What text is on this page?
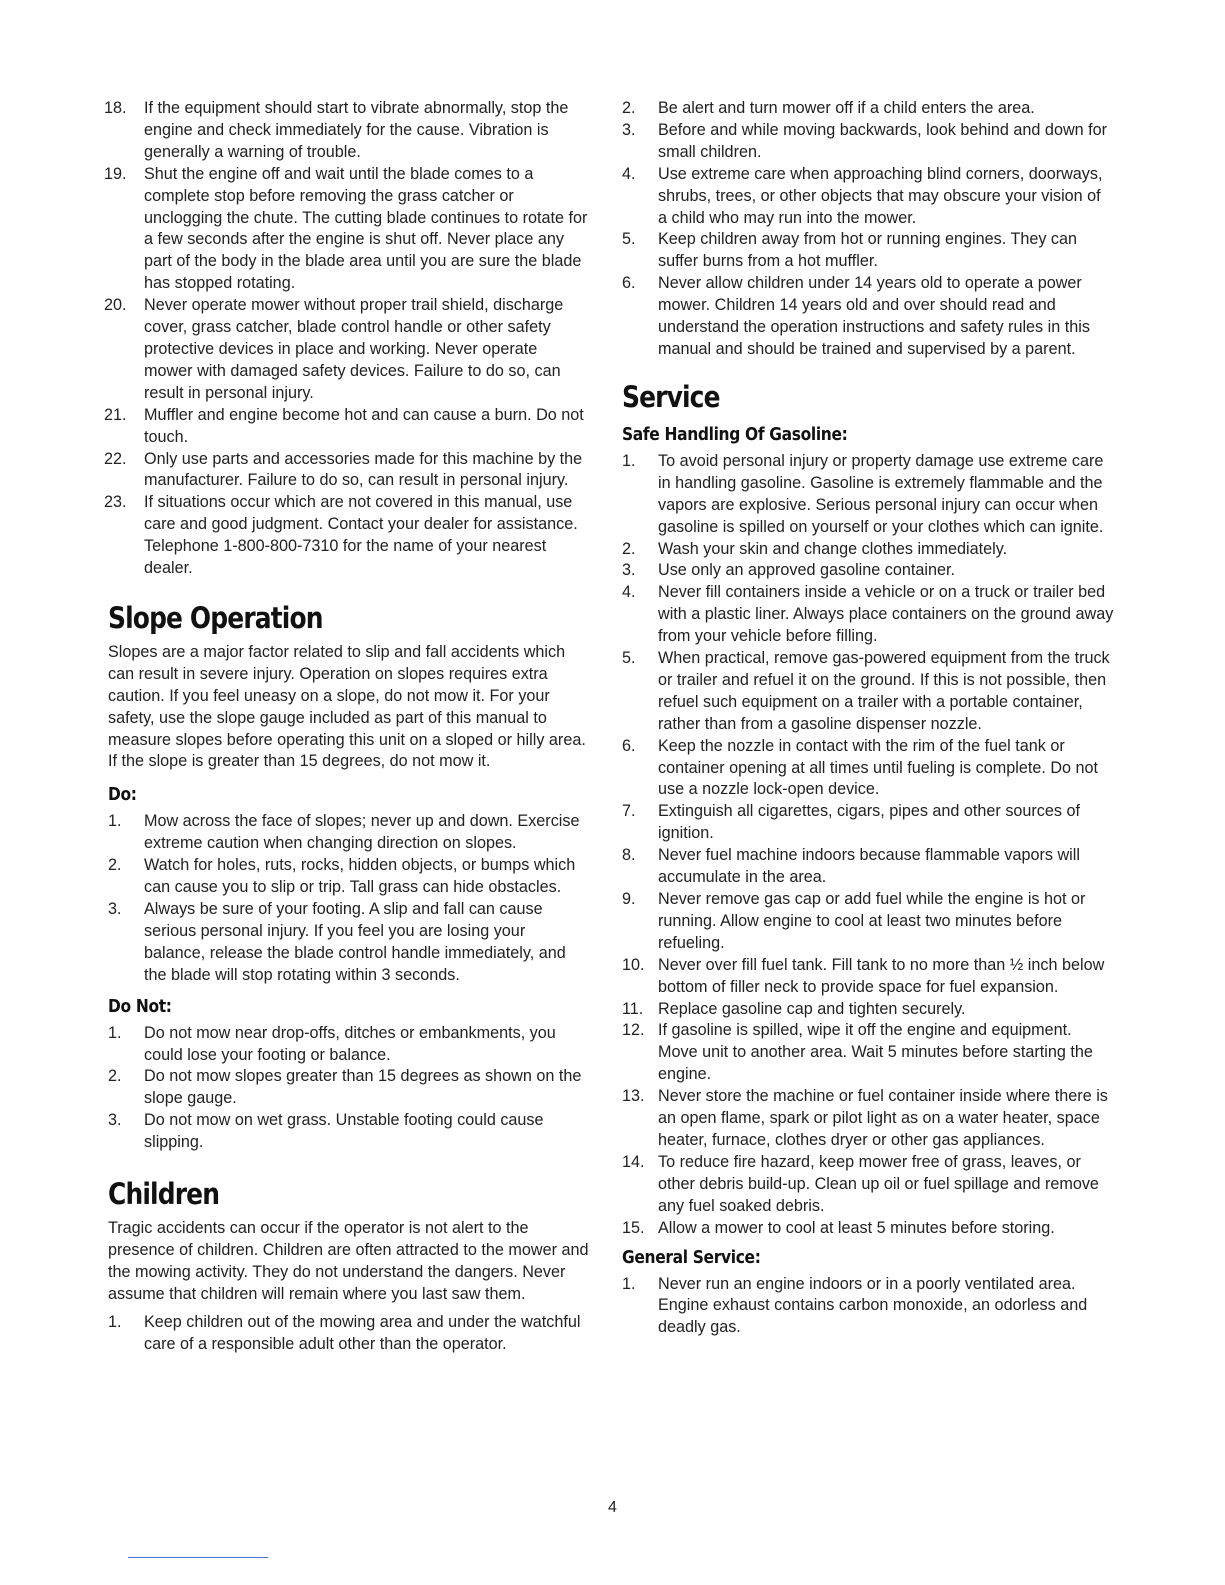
18. If the equipment should start to vibrate abnormally, stop the engine and check immediately for the cause. Vibration is generally a warning of trouble.
19. Shut the engine off and wait until the blade comes to a complete stop before removing the grass catcher or unclogging the chute. The cutting blade continues to rotate for a few seconds after the engine is shut off. Never place any part of the body in the blade area until you are sure the blade has stopped rotating.
20. Never operate mower without proper trail shield, discharge cover, grass catcher, blade control handle or other safety protective devices in place and working. Never operate mower with damaged safety devices. Failure to do so, can result in personal injury.
21. Muffler and engine become hot and can cause a burn. Do not touch.
22. Only use parts and accessories made for this machine by the manufacturer. Failure to do so, can result in personal injury.
23. If situations occur which are not covered in this manual, use care and good judgment. Contact your dealer for assistance. Telephone 1-800-800-7310 for the name of your nearest dealer.
Slope Operation

Slopes are a major factor related to slip and fall accidents which can result in severe injury. Operation on slopes requires extra caution. If you feel uneasy on a slope, do not mow it. For your safety, use the slope gauge included as part of this manual to measure slopes before operating this unit on a sloped or hilly area. If the slope is greater than 15 degrees, do not mow it.

Do:
1. Mow across the face of slopes; never up and down. Exercise extreme caution when changing direction on slopes.
2. Watch for holes, ruts, rocks, hidden objects, or bumps which can cause you to slip or trip. Tall grass can hide obstacles.
3. Always be sure of your footing. A slip and fall can cause serious personal injury. If you feel you are losing your balance, release the blade control handle immediately, and the blade will stop rotating within 3 seconds.
Do Not:
1. Do not mow near drop-offs, ditches or embankments, you could lose your footing or balance.
2. Do not mow slopes greater than 15 degrees as shown on the slope gauge.
3. Do not mow on wet grass. Unstable footing could cause slipping.
Children

Tragic accidents can occur if the operator is not alert to the presence of children. Children are often attracted to the mower and the mowing activity. They do not understand the dangers. Never assume that children will remain where you last saw them.

1. Keep children out of the mowing area and under the watchful care of a responsible adult other than the operator.
2. Be alert and turn mower off if a child enters the area.
3. Before and while moving backwards, look behind and down for small children.
4. Use extreme care when approaching blind corners, doorways, shrubs, trees, or other objects that may obscure your vision of a child who may run into the mower.
5. Keep children away from hot or running engines. They can suffer burns from a hot muffler.
6. Never allow children under 14 years old to operate a power mower. Children 14 years old and over should read and understand the operation instructions and safety rules in this manual and should be trained and supervised by a parent.
Service
Safe Handling Of Gasoline:
1. To avoid personal injury or property damage use extreme care in handling gasoline. Gasoline is extremely flammable and the vapors are explosive. Serious personal injury can occur when gasoline is spilled on yourself or your clothes which can ignite.
2. Wash your skin and change clothes immediately.
3. Use only an approved gasoline container.
4. Never fill containers inside a vehicle or on a truck or trailer bed with a plastic liner. Always place containers on the ground away from your vehicle before filling.
5. When practical, remove gas-powered equipment from the truck or trailer and refuel it on the ground. If this is not possible, then refuel such equipment on a trailer with a portable container, rather than from a gasoline dispenser nozzle.
6. Keep the nozzle in contact with the rim of the fuel tank or container opening at all times until fueling is complete. Do not use a nozzle lock-open device.
7. Extinguish all cigarettes, cigars, pipes and other sources of ignition.
8. Never fuel machine indoors because flammable vapors will accumulate in the area.
9. Never remove gas cap or add fuel while the engine is hot or running. Allow engine to cool at least two minutes before refueling.
10. Never over fill fuel tank. Fill tank to no more than ½ inch below bottom of filler neck to provide space for fuel expansion.
11. Replace gasoline cap and tighten securely.
12. If gasoline is spilled, wipe it off the engine and equipment. Move unit to another area. Wait 5 minutes before starting the engine.
13. Never store the machine or fuel container inside where there is an open flame, spark or pilot light as on a water heater, space heater, furnace, clothes dryer or other gas appliances.
14. To reduce fire hazard, keep mower free of grass, leaves, or other debris build-up. Clean up oil or fuel spillage and remove any fuel soaked debris.
15. Allow a mower to cool at least 5 minutes before storing.
General Service:
1. Never run an engine indoors or in a poorly ventilated area. Engine exhaust contains carbon monoxide, an odorless and deadly gas.
4
